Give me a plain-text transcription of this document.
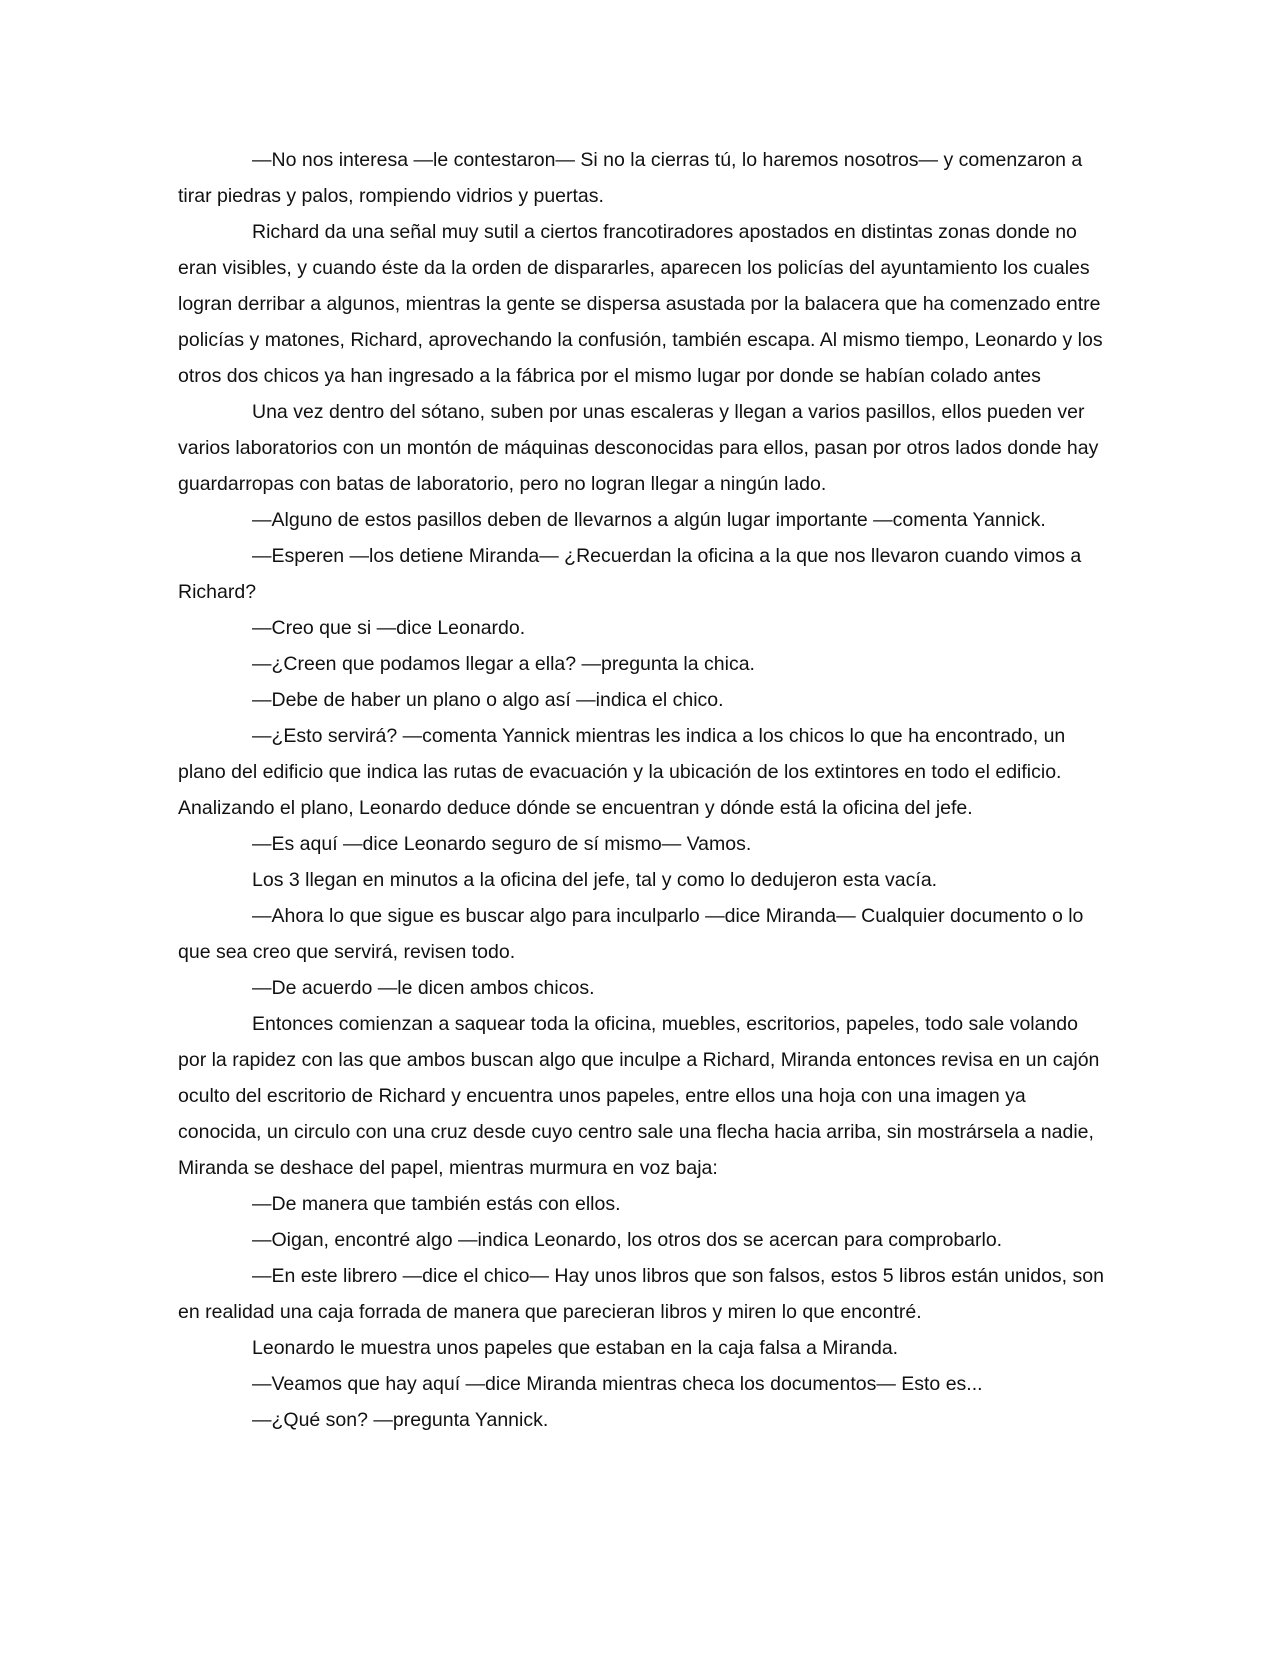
―No nos interesa ―le contestaron― Si no la cierras tú, lo haremos nosotros― y comenzaron a tirar piedras y palos, rompiendo vidrios y puertas.

Richard da una señal muy sutil a ciertos francotiradores apostados en distintas zonas donde no eran visibles, y cuando éste da la orden de dispararles, aparecen los policías del ayuntamiento los cuales logran derribar a algunos, mientras la gente se dispersa asustada por la balacera que ha comenzado entre policías y matones, Richard, aprovechando la confusión, también escapa. Al mismo tiempo, Leonardo y los otros dos chicos ya han ingresado a la fábrica por el mismo lugar por donde se habían colado antes

Una vez dentro del sótano, suben por unas escaleras y llegan a varios pasillos, ellos pueden ver varios laboratorios con un montón de máquinas desconocidas para ellos, pasan por otros lados donde hay guardarropas con batas de laboratorio, pero no logran llegar a ningún lado.

―Alguno de estos pasillos deben de llevarnos a algún lugar importante ―comenta Yannick.

―Esperen ―los detiene Miranda― ¿Recuerdan la oficina a la que nos llevaron cuando vimos a Richard?

―Creo que si ―dice Leonardo.

―¿Creen que podamos llegar a ella? ―pregunta la chica.

―Debe de haber un plano o algo así ―indica el chico.

―¿Esto servirá? ―comenta Yannick mientras les indica a los chicos lo que ha encontrado, un plano del edificio que indica las rutas de evacuación y la ubicación de los extintores en todo el edificio. Analizando el plano, Leonardo deduce dónde se encuentran y dónde está la oficina del jefe.

―Es aquí ―dice Leonardo seguro de sí mismo― Vamos.

Los 3 llegan en minutos a la oficina del jefe, tal y como lo dedujeron esta vacía.

―Ahora lo que sigue es buscar algo para inculparlo ―dice Miranda― Cualquier documento o lo que sea creo que servirá, revisen todo.

―De acuerdo ―le dicen ambos chicos.

Entonces comienzan a saquear toda la oficina, muebles, escritorios, papeles, todo sale volando por la rapidez con las que ambos buscan algo que inculpe a Richard, Miranda entonces revisa en un cajón oculto del escritorio de Richard y encuentra unos papeles, entre ellos una hoja con una imagen ya conocida, un circulo con una cruz desde cuyo centro sale una flecha hacia arriba, sin mostrársela a nadie, Miranda se deshace del papel, mientras murmura en voz baja:

―De manera que también estás con ellos.

―Oigan, encontré algo ―indica Leonardo, los otros dos se acercan para comprobarlo.

―En este librero ―dice el chico― Hay unos libros que son falsos, estos 5 libros están unidos, son en realidad una caja forrada de manera que parecieran libros y miren lo que encontré.

Leonardo le muestra unos papeles que estaban en la caja falsa a Miranda.

―Veamos que hay aquí ―dice Miranda mientras checa los documentos― Esto es...

―¿Qué son? ―pregunta Yannick.
